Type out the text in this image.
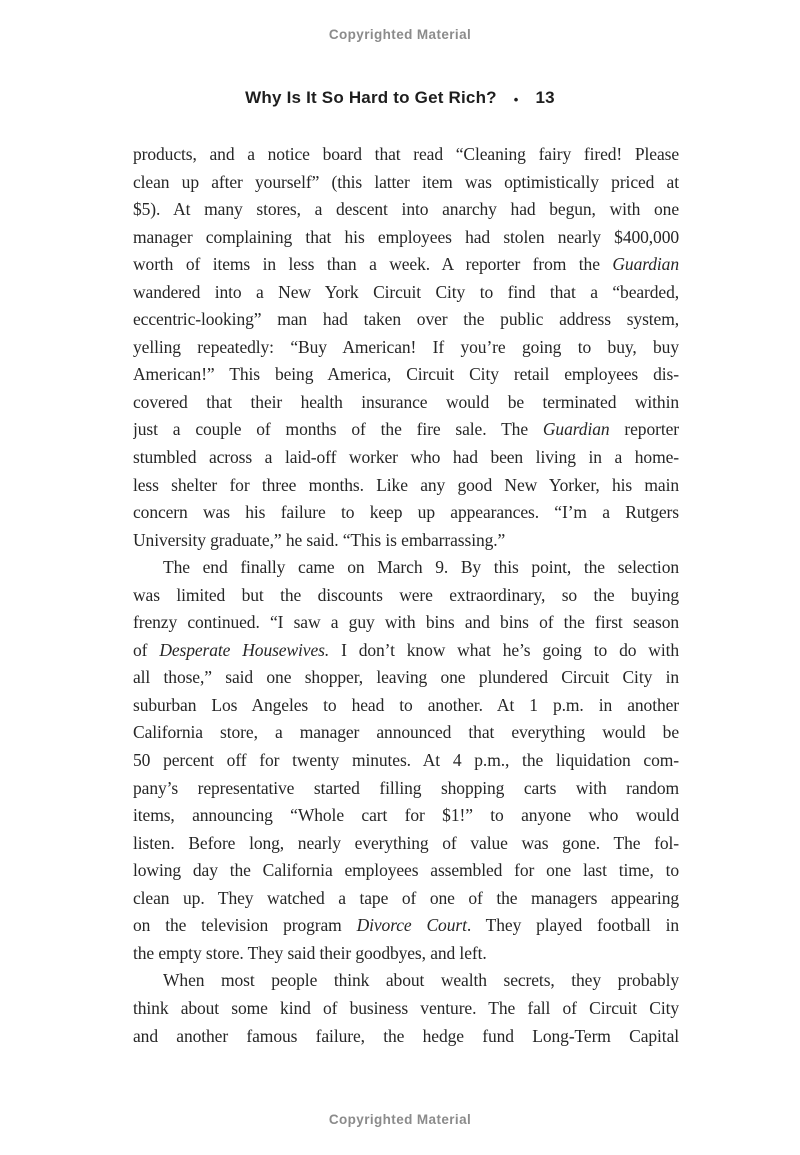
Copyrighted Material
Why Is It So Hard to Get Rich? • 13
products, and a notice board that read “Cleaning fairy fired! Please
clean up after yourself” (this latter item was optimistically priced at
$5). At many stores, a descent into anarchy had begun, with one
manager complaining that his employees had stolen nearly $400,000
worth of items in less than a week. A reporter from the Guardian
wandered into a New York Circuit City to find that a “bearded,
eccentric-looking” man had taken over the public address system,
yelling repeatedly: “Buy American! If you’re going to buy, buy
American!” This being America, Circuit City retail employees dis-
covered that their health insurance would be terminated within
just a couple of months of the fire sale. The Guardian reporter
stumbled across a laid-off worker who had been living in a home-
less shelter for three months. Like any good New Yorker, his main
concern was his failure to keep up appearances. “I’m a Rutgers
University graduate,” he said. “This is embarrassing.”
The end finally came on March 9. By this point, the selection
was limited but the discounts were extraordinary, so the buying
frenzy continued. “I saw a guy with bins and bins of the first season
of Desperate Housewives. I don’t know what he’s going to do with
all those,” said one shopper, leaving one plundered Circuit City in
suburban Los Angeles to head to another. At 1 p.m. in another
California store, a manager announced that everything would be
50 percent off for twenty minutes. At 4 p.m., the liquidation com-
pany’s representative started filling shopping carts with random
items, announcing “Whole cart for $1!” to anyone who would
listen. Before long, nearly everything of value was gone. The fol-
lowing day the California employees assembled for one last time, to
clean up. They watched a tape of one of the managers appearing
on the television program Divorce Court. They played football in
the empty store. They said their goodbyes, and left.
When most people think about wealth secrets, they probably
think about some kind of business venture. The fall of Circuit City
and another famous failure, the hedge fund Long-Term Capital
Copyrighted Material
